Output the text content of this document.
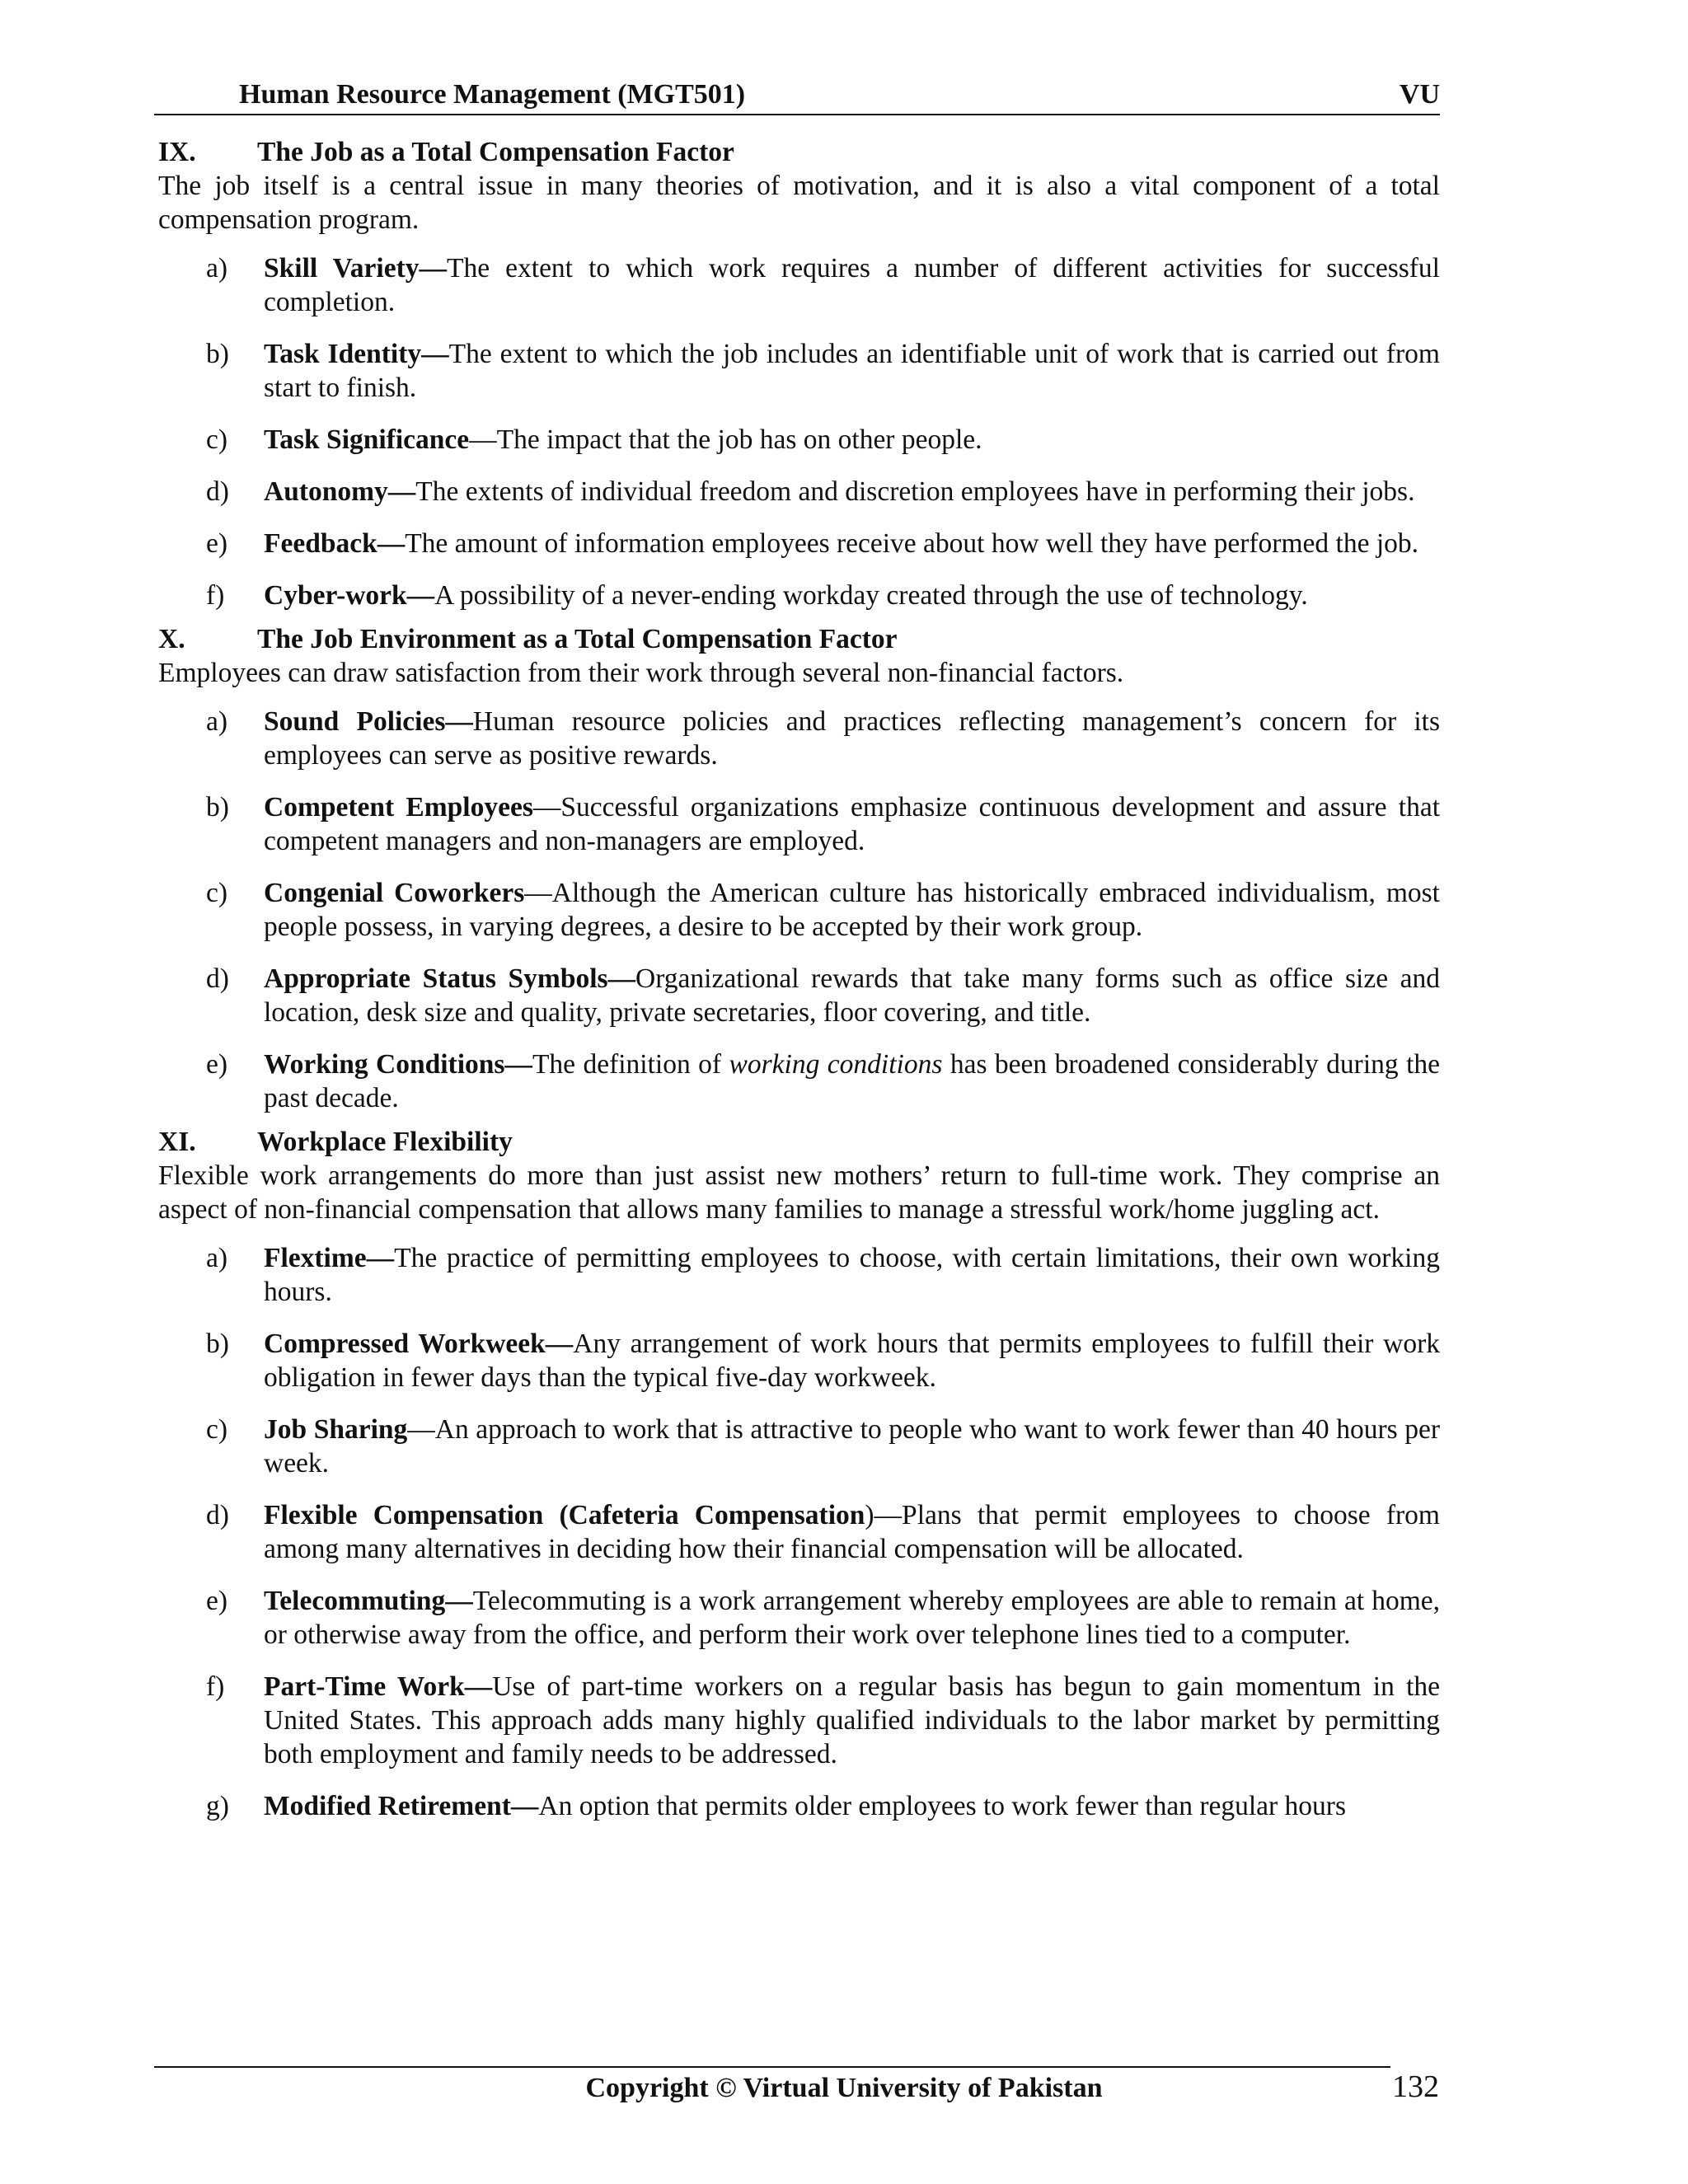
Human Resource Management (MGT501)	VU
IX.	The Job as a Total Compensation Factor
The job itself is a central issue in many theories of motivation, and it is also a vital component of a total compensation program.
a)	Skill Variety—The extent to which work requires a number of different activities for successful completion.
b)	Task Identity—The extent to which the job includes an identifiable unit of work that is carried out from start to finish.
c)	Task Significance—The impact that the job has on other people.
d)	Autonomy—The extents of individual freedom and discretion employees have in performing their jobs.
e)	Feedback—The amount of information employees receive about how well they have performed the job.
f)	Cyber-work—A possibility of a never-ending workday created through the use of technology.
X.	The Job Environment as a Total Compensation Factor
Employees can draw satisfaction from their work through several non-financial factors.
a)	Sound Policies—Human resource policies and practices reflecting management’s concern for its employees can serve as positive rewards.
b)	Competent Employees—Successful organizations emphasize continuous development and assure that competent managers and non-managers are employed.
c)	Congenial Coworkers—Although the American culture has historically embraced individualism, most people possess, in varying degrees, a desire to be accepted by their work group.
d)	Appropriate Status Symbols—Organizational rewards that take many forms such as office size and location, desk size and quality, private secretaries, floor covering, and title.
e)	Working Conditions—The definition of working conditions has been broadened considerably during the past decade.
XI.	Workplace Flexibility
Flexible work arrangements do more than just assist new mothers’ return to full-time work. They comprise an aspect of non-financial compensation that allows many families to manage a stressful work/home juggling act.
a)	Flextime—The practice of permitting employees to choose, with certain limitations, their own working hours.
b)	Compressed Workweek—Any arrangement of work hours that permits employees to fulfill their work obligation in fewer days than the typical five-day workweek.
c)	Job Sharing—An approach to work that is attractive to people who want to work fewer than 40 hours per week.
d)	Flexible Compensation (Cafeteria Compensation)—Plans that permit employees to choose from among many alternatives in deciding how their financial compensation will be allocated.
e)	Telecommuting—Telecommuting is a work arrangement whereby employees are able to remain at home, or otherwise away from the office, and perform their work over telephone lines tied to a computer.
f)	Part-Time Work—Use of part-time workers on a regular basis has begun to gain momentum in the United States. This approach adds many highly qualified individuals to the labor market by permitting both employment and family needs to be addressed.
g)	Modified Retirement—An option that permits older employees to work fewer than regular hours
Copyright © Virtual University of Pakistan	132
